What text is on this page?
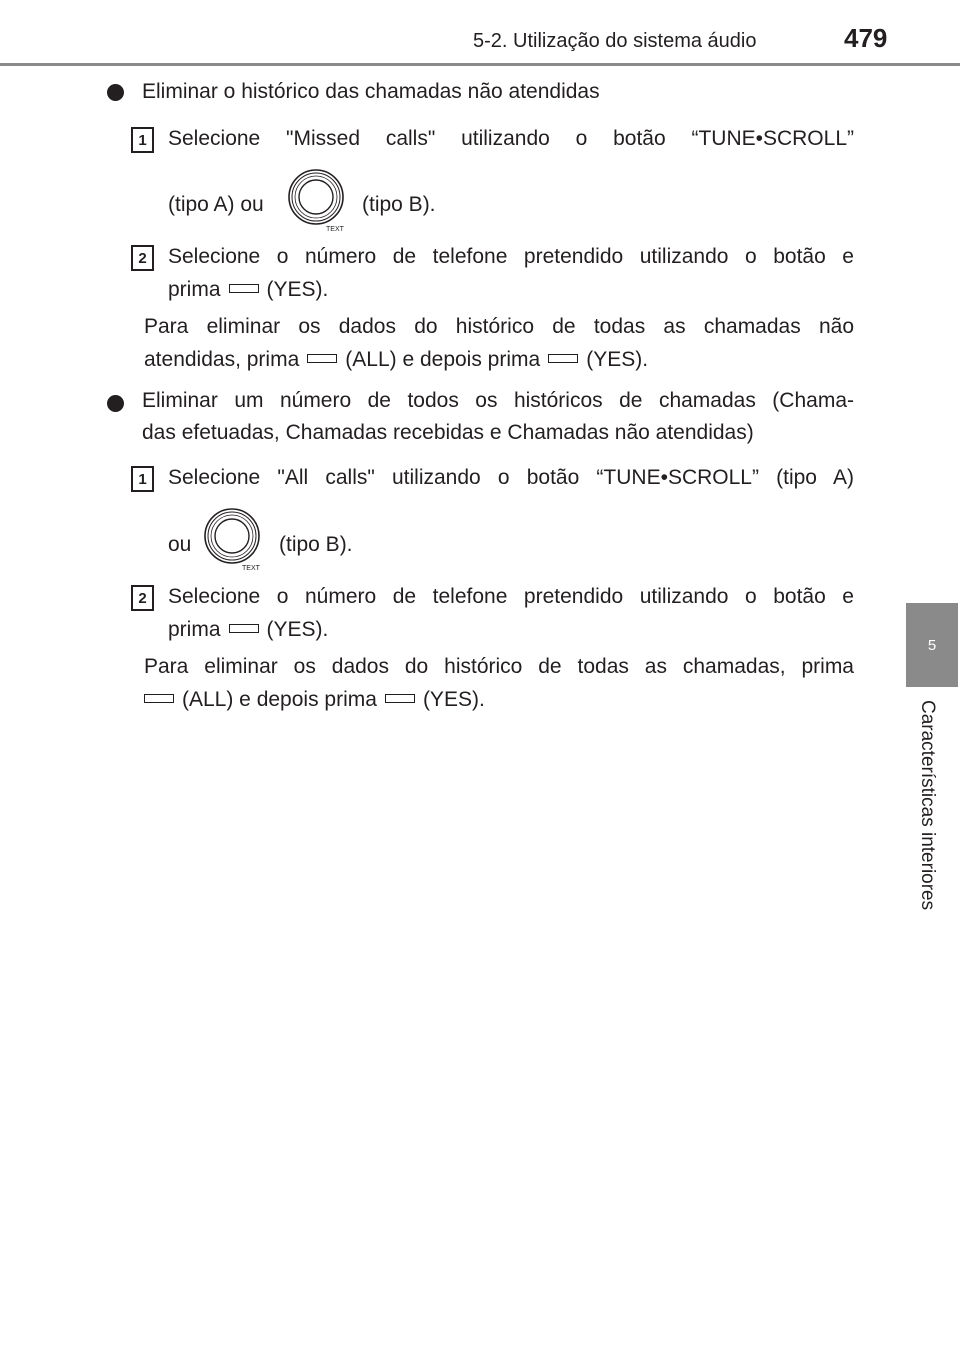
5-2. Utilização do sistema áudio	479
5
Características interiores
Eliminar o histórico das chamadas não atendidas
1	Selecione "Missed calls" utilizando o botão “TUNE•SCROLL”
(tipo A) ou
TEXT
(tipo B).
2	Selecione o número de telefone pretendido utilizando o botão e
prima (YES).
Para eliminar os dados do histórico de todas as chamadas não
atendidas, prima (ALL) e depois prima (YES).
Eliminar um número de todos os históricos de chamadas (Chama-
das efetuadas, Chamadas recebidas e Chamadas não atendidas)
1	Selecione "All calls" utilizando o botão “TUNE•SCROLL” (tipo A)
ou
TEXT
(tipo B).
2	Selecione o número de telefone pretendido utilizando o botão e
prima (YES).
Para eliminar os dados do histórico de todas as chamadas, prima
(ALL) e depois prima (YES).
